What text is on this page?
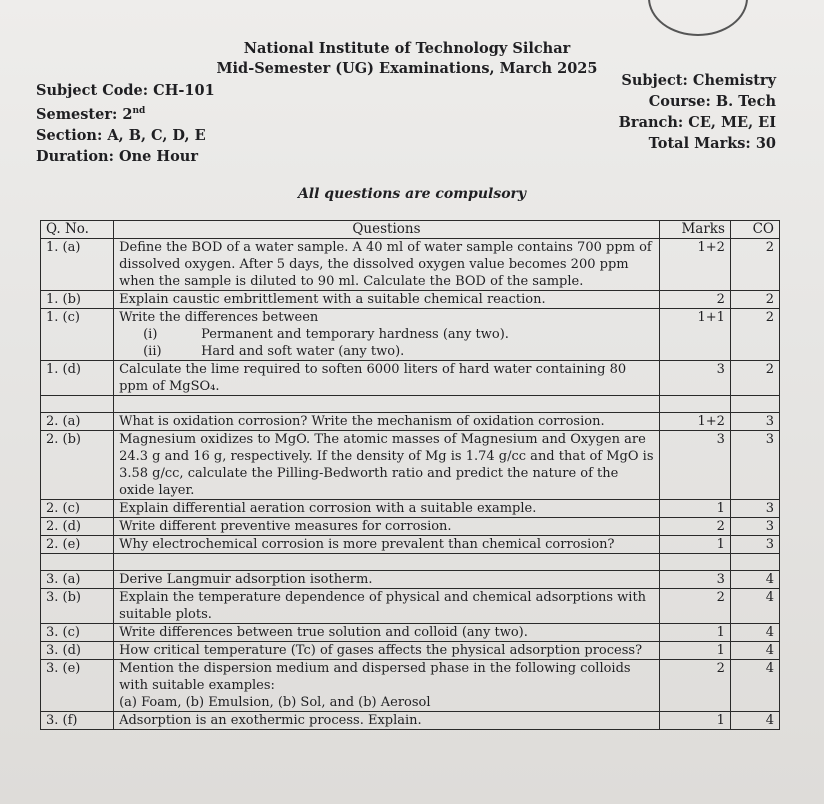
National Institute of Technology Silchar
Mid-Semester (UG) Examinations, March 2025
Subject Code: CH-101
Semester: 2nd
Section: A, B, C, D, E
Duration: One Hour
Subject: Chemistry
Course: B. Tech
Branch: CE, ME, EI
Total Marks: 30
All questions are compulsory
Q. No.	Questions	Marks	CO
1. (a)	Define the BOD of a water sample. A 40 ml of water sample contains 700 ppm of dissolved oxygen. After 5 days, the dissolved oxygen value becomes 200 ppm when the sample is diluted to 90 ml. Calculate the BOD of the sample.	1+2	2
1. (b)	Explain caustic embrittlement with a suitable chemical reaction.	2	2
1. (c)	Write the differences between
(i) Permanent and temporary hardness (any two).
(ii) Hard and soft water (any two).	1+1	2
1. (d)	Calculate the lime required to soften 6000 liters of hard water containing 80 ppm of MgSO₄.	3	2

2. (a)	What is oxidation corrosion? Write the mechanism of oxidation corrosion.	1+2	3
2. (b)	Magnesium oxidizes to MgO. The atomic masses of Magnesium and Oxygen are 24.3 g and 16 g, respectively. If the density of Mg is 1.74 g/cc and that of MgO is 3.58 g/cc, calculate the Pilling-Bedworth ratio and predict the nature of the oxide layer.	3	3
2. (c)	Explain differential aeration corrosion with a suitable example.	1	3
2. (d)	Write different preventive measures for corrosion.	2	3
2. (e)	Why electrochemical corrosion is more prevalent than chemical corrosion?	1	3

3. (a)	Derive Langmuir adsorption isotherm.	3	4
3. (b)	Explain the temperature dependence of physical and chemical adsorptions with suitable plots.	2	4
3. (c)	Write differences between true solution and colloid (any two).	1	4
3. (d)	How critical temperature (Tc) of gases affects the physical adsorption process?	1	4
3. (e)	Mention the dispersion medium and dispersed phase in the following colloids with suitable examples:
(a) Foam, (b) Emulsion, (b) Sol, and (b) Aerosol	2	4
3. (f)	Adsorption is an exothermic process. Explain.	1	4
